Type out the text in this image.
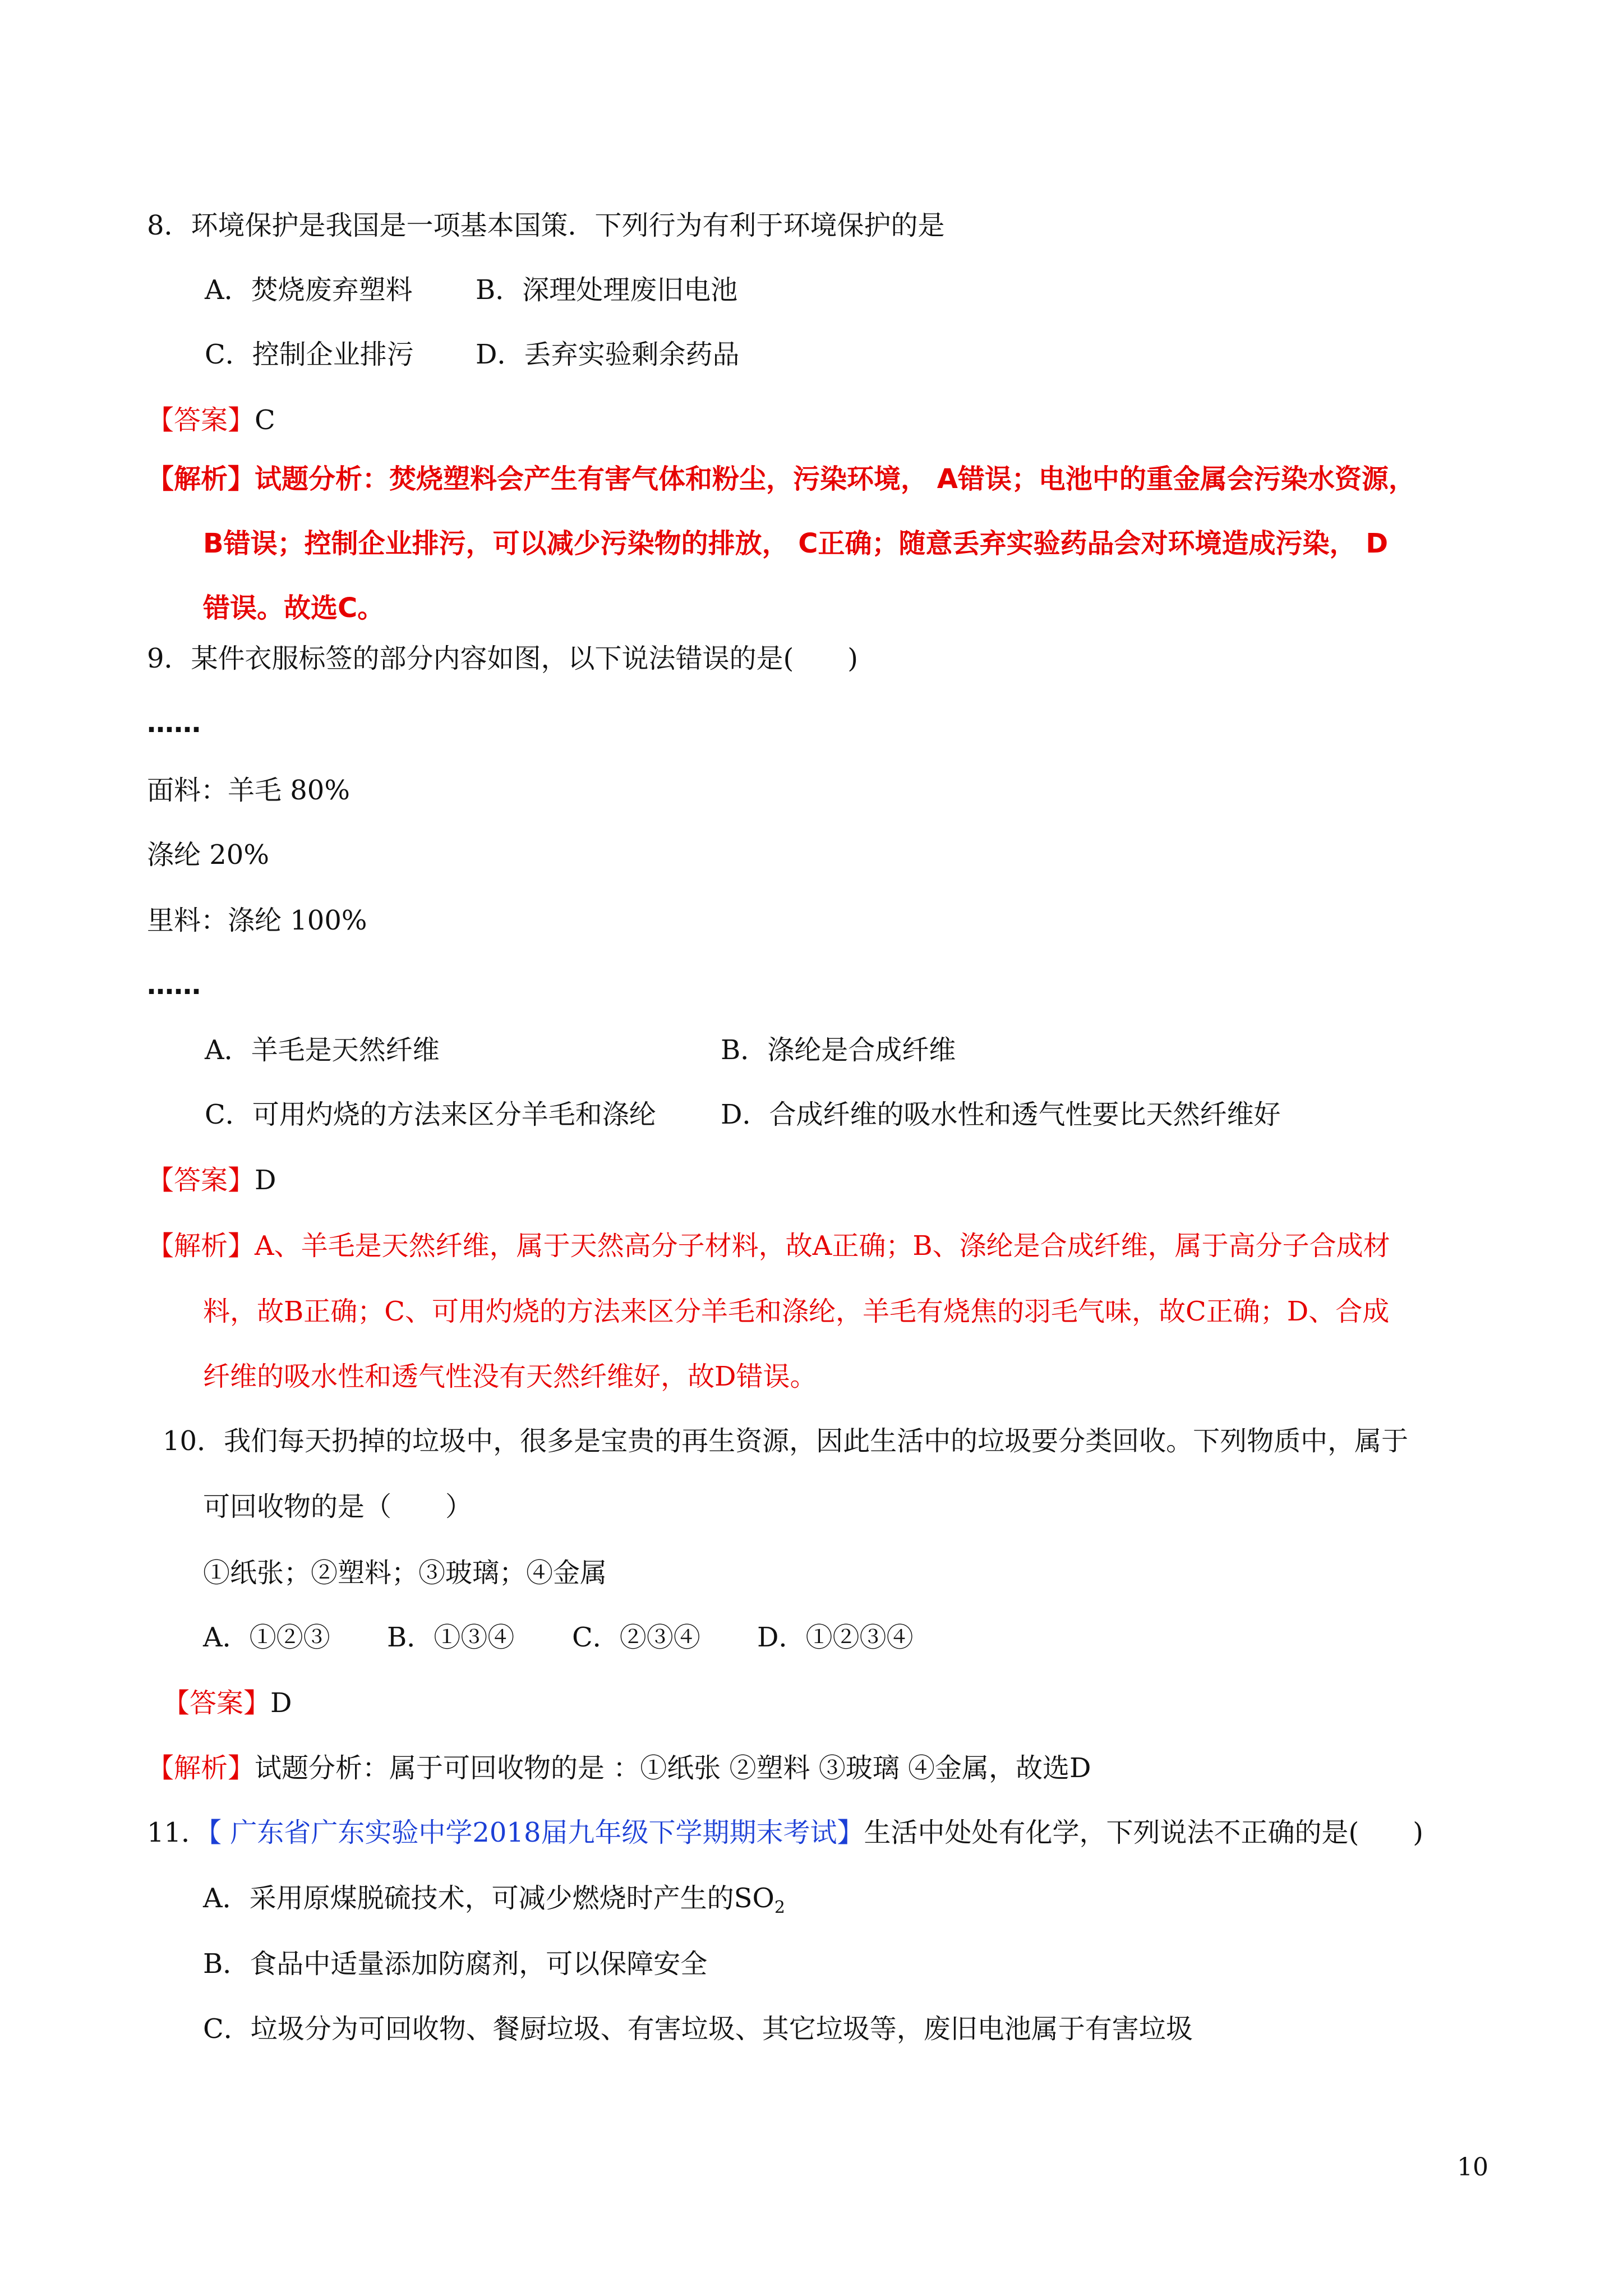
8．环境保护是我国是一项基本国策．下列行为有利于环境保护的是
A．焚烧废弃塑料 B．深理处理废旧电池
C．控制企业排污 D．丢弃实验剩余药品
【答案】C
【解析】试题分析：焚烧塑料会产生有害气体和粉尘，污染环境， A错误；电池中的重金属会污染水资源，
B错误；控制企业排污，可以减少污染物的排放， C正确；随意丢弃实验药品会对环境造成污染， D
错误。故选C。
9．某件衣服标签的部分内容如图，以下说法错误的是(　　)
……
面料：羊毛 80%
涤纶 20%
里料：涤纶 100%
……
A．羊毛是天然纤维	B．涤纶是合成纤维
C．可用灼烧的方法来区分羊毛和涤纶 D．合成纤维的吸水性和透气性要比天然纤维好
【答案】D
【解析】A、羊毛是天然纤维，属于天然高分子材料，故A正确；B、涤纶是合成纤维，属于高分子合成材
料，故B正确；C、可用灼烧的方法来区分羊毛和涤纶，羊毛有烧焦的羽毛气味，故C正确；D、合成
纤维的吸水性和透气性没有天然纤维好，故D错误。
10．我们每天扔掉的垃圾中，很多是宝贵的再生资源，因此生活中的垃圾要分类回收。下列物质中，属于
可回收物的是（　　）
①纸张；②塑料；③玻璃；④金属
A．①②③ B．①③④ C．②③④ D．①②③④
【答案】D
【解析】试题分析：属于可回收物的是 ：①纸张 ②塑料 ③玻璃 ④金属，故选D
11．【 广东省广东实验中学2018届九年级下学期期末考试】生活中处处有化学，下列说法不正确的是(　　)
A．采用原煤脱硫技术，可减少燃烧时产生的$SO_2$
B．食品中适量添加防腐剂，可以保障安全
C．垃圾分为可回收物、餐厨垃圾、有害垃圾、其它垃圾等，废旧电池属于有害垃圾
10
